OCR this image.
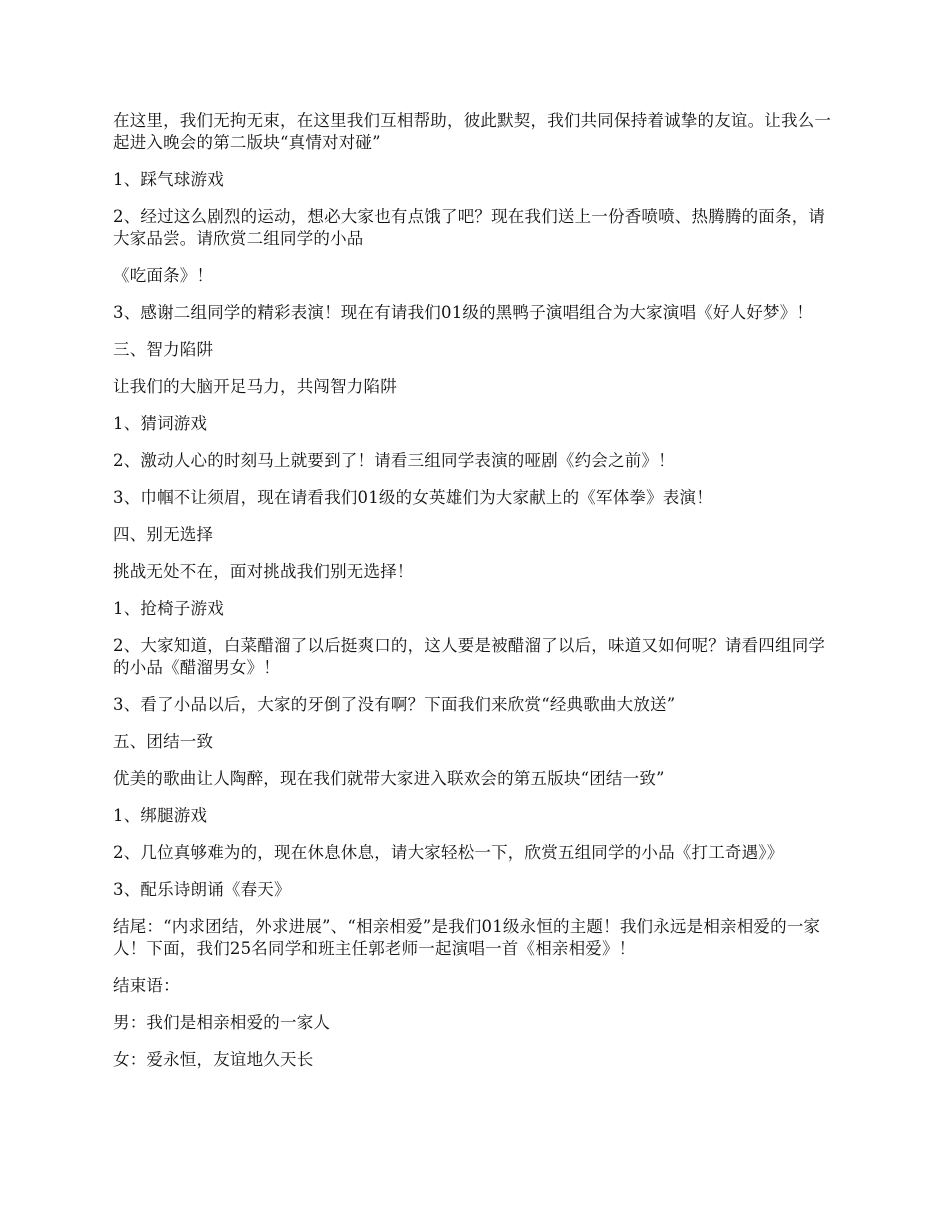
在这里，我们无拘无束，在这里我们互相帮助，彼此默契，我们共同保持着诚挚的友谊。让我么一起进入晚会的第二版块“真情对对碰”

1、踩气球游戏

2、经过这么剧烈的运动，想必大家也有点饿了吧？现在我们送上一份香喷喷、热腾腾的面条，请大家品尝。请欣赏二组同学的小品

《吃面条》！

3、感谢二组同学的精彩表演！现在有请我们01级的黑鸭子演唱组合为大家演唱《好人好梦》！

三、智力陷阱

让我们的大脑开足马力，共闯智力陷阱

1、猜词游戏

2、激动人心的时刻马上就要到了！请看三组同学表演的哑剧《约会之前》！

3、巾帼不让须眉，现在请看我们01级的女英雄们为大家献上的《军体拳》表演！

四、别无选择

挑战无处不在，面对挑战我们别无选择！

1、抢椅子游戏

2、大家知道，白菜醋溜了以后挺爽口的，这人要是被醋溜了以后，味道又如何呢？请看四组同学的小品《醋溜男女》！

3、看了小品以后，大家的牙倒了没有啊？下面我们来欣赏“经典歌曲大放送”

五、团结一致

优美的歌曲让人陶醉，现在我们就带大家进入联欢会的第五版块“团结一致”

1、绑腿游戏

2、几位真够难为的，现在休息休息，请大家轻松一下，欣赏五组同学的小品《打工奇遇》》

3、配乐诗朗诵《春天》

结尾：“内求团结，外求进展”、“相亲相爱”是我们01级永恒的主题！我们永远是相亲相爱的一家人！下面，我们25名同学和班主任郭老师一起演唱一首《相亲相爱》！

结束语：

男：我们是相亲相爱的一家人

女：爱永恒，友谊地久天长
